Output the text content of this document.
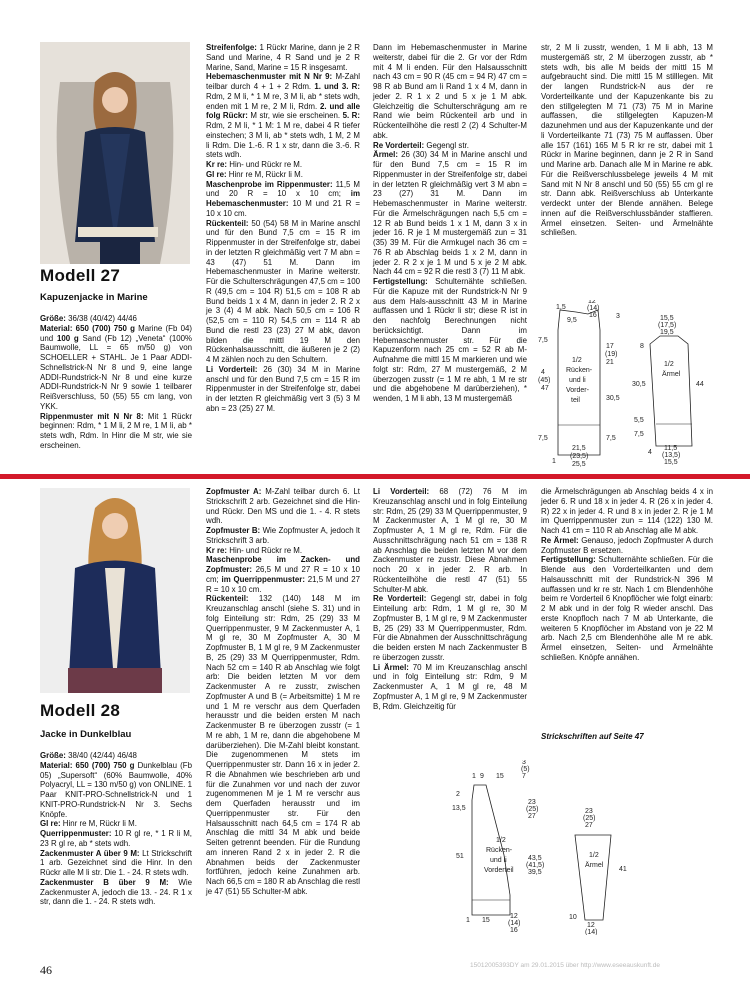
Modell 27
Kapuzenjacke in Marine

Größe: 36/38 (40/42) 44/46

Material: 650 (700) 750 g Marine (Fb 04) und 100 g Sand (Fb 12) „Veneta“ (100% Baumwolle, LL = 65 m/50 g) von SCHOELLER + STAHL. Je 1 Paar ADDI-Schnellstrick-N Nr 8 und 9, eine lange ADDI-Rundstrick-N Nr 8 und eine kurze ADDI-Rundstrick-N Nr 9 sowie 1 teilbarer Reißverschluss, 50 (55) 55 cm lang, von YKK.

Rippenmuster mit N Nr 8: Mit 1 Rückr beginnen: Rdm, * 1 M li, 2 M re, 1 M li, ab * stets wdh, Rdm. In Hinr die M str, wie sie erscheinen.

Streifenfolge: 1 Rückr Marine, dann je 2 R Sand und Marine, 4 R Sand und je 2 R Marine, Sand, Marine = 15 R insgesamt.

Hebemaschenmuster mit N Nr 9: M-Zahl teilbar durch 4 + 1 + 2 Rdm. 1. und 3. R: Rdm, 2 M li, * 1 M re, 3 M li, ab * stets wdh, enden mit 1 M re, 2 M li, Rdm. 2. und alle folg Rückr: M str, wie sie erscheinen. 5. R: Rdm, 2 M li, * 1 M: 1 M re, dabei 4 R tiefer einstechen; 3 M li, ab * stets wdh, 1 M, 2 M li Rdm. Die 1.-6. R 1 x str, dann die 3.-6. R stets wdh.

Kr re: Hin- und Rückr re M.

Gl re: Hinr re M, Rückr li M.

Maschenprobe im Rippenmuster: 11,5 M und 20 R = 10 x 10 cm; im Hebemaschenmuster: 10 M und 21 R = 10 x 10 cm.

Rückenteil: 50 (54) 58 M in Marine anschl und für den Bund 7,5 cm = 15 R im Rippenmuster in der Streifenfolge str, dabei in der letzten R gleichmäßig vert 7 M abn = 43 (47) 51 M. Dann im Hebemaschenmuster in Marine weiterstr. Für die Schulterschrägungen 47,5 cm = 100 R (49,5 cm = 104 R) 51,5 cm = 108 R ab Bund beids 1 x 4 M, dann in jeder 2. R 2 x je 3 (4) 4 M abk. Nach 50,5 cm = 106 R (52,5 cm = 110 R) 54,5 cm = 114 R ab Bund die restl 23 (23) 27 M abk, davon bilden die mittl 19 M den Rückenhalsausschnitt, die äußeren je 2 (2) 4 M zählen noch zu den Schultern.

Li Vorderteil: 26 (30) 34 M in Marine anschl und für den Bund 7,5 cm = 15 R im Rippenmuster in der Streifenfolge str, dabei in der letzten R gleichmäßig vert 3 (5) 3 M abn = 23 (25) 27 M.

Dann im Hebemaschenmuster in Marine weiterstr, dabei für die 2. Gr vor der Rdm mit 4 M li enden. Für den Halsausschnitt nach 43 cm = 90 R (45 cm = 94 R) 47 cm = 98 R ab Bund am li Rand 1 x 4 M, dann in jeder 2. R 1 x 2 und 5 x je 1 M abk. Gleichzeitig die Schulterschrägung am re Rand wie beim Rückenteil arb und in Rückenteilhöhe die restl 2 (2) 4 Schulter-M abk.

Re Vorderteil: Gegengl str.

Ärmel: 26 (30) 34 M in Marine anschl und für den Bund 7,5 cm = 15 R im Rippenmuster in der Streifenfolge str, dabei in der letzten R gleichmäßig vert 3 M abn = 23 (27) 31 M. Dann im Hebemaschenmuster in Marine weiterstr. Für die Ärmelschrägungen nach 5,5 cm = 12 R ab Bund beids 1 x 1 M, dann 3 x in jeder 16. R je 1 M mustergemäß zun = 31 (35) 39 M. Für die Armkugel nach 36 cm = 76 R ab Abschlag beids 1 x 2 M, dann in jeder 2. R 2 x je 1 M und 5 x je 2 M abk. Nach 44 cm = 92 R die restl 3 (7) 11 M abk.

Fertigstellung: Schulternähte schließen. Für die Kapuze mit der Rundstrick-N Nr 9 aus dem Hals-ausschnitt 43 M in Marine auffassen und 1 Rückr li str; diese R ist in den nachfolg Berechnungen nicht berücksichtigt. Dann im Hebemaschenmuster str. Für die Kapuzenform nach 25 cm = 52 R ab M-Aufnahme die mittl 15 M markieren und wie folgt str: Rdm, 27 M mustergemäß, 2 M überzogen zusstr (= 1 M re abh, 1 M re str und die abgehobene M darüberziehen), * wenden, 1 M li abh, 13 M mustergemäß

str, 2 M li zusstr, wenden, 1 M li abh, 13 M mustergemäß str, 2 M überzogen zusstr, ab * stets wdh, bis alle M beids der mittl 15 M aufgebraucht sind. Die mittl 15 M stilllegen. Mit der langen Rundstrick-N aus der re Vorderteilkante und der Kapuzenkante bis zu den stillgelegten M 71 (73) 75 M in Marine auffassen, die stillgelegten Kapuzen-M dazunehmen und aus der Kapuzenkante und der li Vorderteilkante 71 (73) 75 M auffassen. Über alle 157 (161) 165 M 5 R kr re str, dabei mit 1 Rückr in Marine beginnen, dann je 2 R in Sand und Marine arb. Danach alle M in Marine re abk. Für die Reißverschlussbelege jeweils 4 M mit Sand mit N Nr 8 anschl und 50 (55) 55 cm gl re str. Dann abk. Reißverschluss ab Unterkante verdeckt unter der Blende annähen. Belege innen auf die Reißverschlussbänder staffieren. Ärmel einsetzen. Seiten- und Ärmelnähte schließen.

1,5
9,5
12
(14)
16	3
7,5
17
(19)
21
4
(45)
47
30,5
7,5	7,5
1/2
Rücken-
und li
Vorder-
teil
1
21,5
(23,5)
25,5
15,5
(17,5)
19,5
8
30,5	44
5,5
7,5
1/2
Ärmel
4
11,5
(13,5)
15,5
Modell 28
Jacke in Dunkelblau

Größe: 38/40 (42/44) 46/48

Material: 650 (700) 750 g Dunkelblau (Fb 05) „Supersoft“ (60% Baumwolle, 40% Polyacryl, LL = 130 m/50 g) von ONLINE. 1 Paar KNIT-PRO-Schnellstrick-N und 1 KNIT-PRO-Rundstrick-N Nr 3. Sechs Knöpfe.

Gl re: Hinr re M, Rückr li M.

Querrippenmuster: 10 R gl re, * 1 R li M, 23 R gl re, ab * stets wdh.

Zackenmuster A über 9 M: Lt Strickschrift 1 arb. Gezeichnet sind die Hinr. In den Rückr alle M li str. Die 1. - 24. R stets wdh.

Zackenmuster B über 9 M: Wie Zackenmuster A, jedoch die 13. - 24. R 1 x str, dann die 1. - 24. R stets wdh.

Zopfmuster A: M-Zahl teilbar durch 6. Lt Strickschrift 2 arb. Gezeichnet sind die Hin- und Rückr. Den MS und die 1. - 4. R stets wdh.

Zopfmuster B: Wie Zopfmuster A, jedoch lt Strickschrift 3 arb.

Kr re: Hin- und Rückr re M.

Maschenprobe im Zacken- und Zopfmuster: 26,5 M und 27 R = 10 x 10 cm; im Querrippenmuster: 21,5 M und 27 R = 10 x 10 cm.

Rückenteil: 132 (140) 148 M im Kreuzanschlag anschl (siehe S. 31) und in folg Einteilung str: Rdm, 25 (29) 33 M Querrippenmuster, 9 M Zackenmuster A, 1 M gl re, 30 M Zopfmuster A, 30 M Zopfmuster B, 1 M gl re, 9 M Zackenmuster B, 25 (29) 33 M Querrippenmuster, Rdm. Nach 52 cm = 140 R ab Anschlag wie folgt arb: Die beiden letzten M vor dem Zackenmuster A re zusstr, zwischen Zopfmuster A und B (= Arbeitsmitte) 1 M re und 1 M re verschr aus dem Querfaden herausstr und die beiden ersten M nach Zackenmuster B re überzogen zusstr (= 1 M re abh, 1 M re, dann die abgehobene M darüberziehen). Die M-Zahl bleibt konstant. Die zugenommenen M stets im Querrippenmuster str. Dann 16 x in jeder 2. R die Abnahmen wie beschrieben arb und für die Zunahmen vor und nach der zuvor zugenommenen M je 1 M re verschr aus dem Querfaden herausstr und im Querrippenmuster str. Für den Halsausschnitt nach 64,5 cm = 174 R ab Anschlag die mittl 34 M abk und beide Seiten getrennt beenden. Für die Rundung am inneren Rand 2 x in jeder 2. R die Abnahmen beids der Zackenmuster fortführen, jedoch keine Zunahmen arb. Nach 66,5 cm = 180 R ab Anschlag die restl je 47 (51) 55 Schulter-M abk.

Li Vorderteil: 68 (72) 76 M im Kreuzanschlag anschl und in folg Einteilung str: Rdm, 25 (29) 33 M Querrippenmuster, 9 M Zackenmuster A, 1 M gl re, 30 M Zopfmuster A, 1 M gl re, Rdm. Für die Ausschnittschrägung nach 51 cm = 138 R ab Anschlag die beiden letzten M vor dem Zackenmuster re zusstr. Diese Abnahmen noch 20 x in jeder 2. R arb. In Rückenteilhöhe die restl 47 (51) 55 Schulter-M abk.

Re Vorderteil: Gegengl str, dabei in folg Einteilung arb: Rdm, 1 M gl re, 30 M Zopfmuster B, 1 M gl re, 9 M Zackenmuster B, 25 (29) 33 M Querrippenmuster, Rdm. Für die Abnahmen der Ausschnittschrägung die beiden ersten M nach Zackenmuster B re überzogen zusstr.

Li Ärmel: 70 M im Kreuzanschlag anschl und in folg Einteilung str: Rdm, 9 M Zackenmuster A, 1 M gl re, 48 M Zopfmuster A, 1 M gl re, 9 M Zackenmuster B, Rdm. Gleichzeitig für

die Ärmelschrägungen ab Anschlag beids 4 x in jeder 6. R und 18 x in jeder 4. R (26 x in jeder 4. R) 22 x in jeder 4. R und 8 x in jeder 2. R je 1 M im Querrippenmuster zun = 114 (122) 130 M. Nach 41 cm = 110 R ab Anschlag alle M abk.

Re Ärmel: Genauso, jedoch Zopfmuster A durch Zopfmuster B ersetzen.

Fertigstellung: Schulternähte schließen. Für die Blende aus den Vorderteilkanten und dem Halsausschnitt mit der Rundstrick-N 396 M auffassen und kr re str. Nach 1 cm Blendenhöhe beim re Vorderteil 6 Knopflöcher wie folgt einarb: 2 M abk und in der folg R wieder anschl. Das erste Knopfloch nach 7 M ab Unterkante, die weiteren 5 Knopflöcher im Abstand von je 22 M arb. Nach 2,5 cm Blendenhöhe alle M re abk. Ärmel einsetzen, Seiten- und Ärmelnähte schließen. Knöpfe annähen.

Strickschriften auf Seite 47
1 9 15
3
(5)
7
2
13,5
23
(25)
27
51	43,5
(41,5)
39,5
1/2
Rücken-
und li
Vorderteil
1 15
12
(14)
16
23
(25)
27
1/2
Ärmel
41
10
12
(14)
46	15012005393DY am 29.01.2015 über http://www.eseeauskunft.de
